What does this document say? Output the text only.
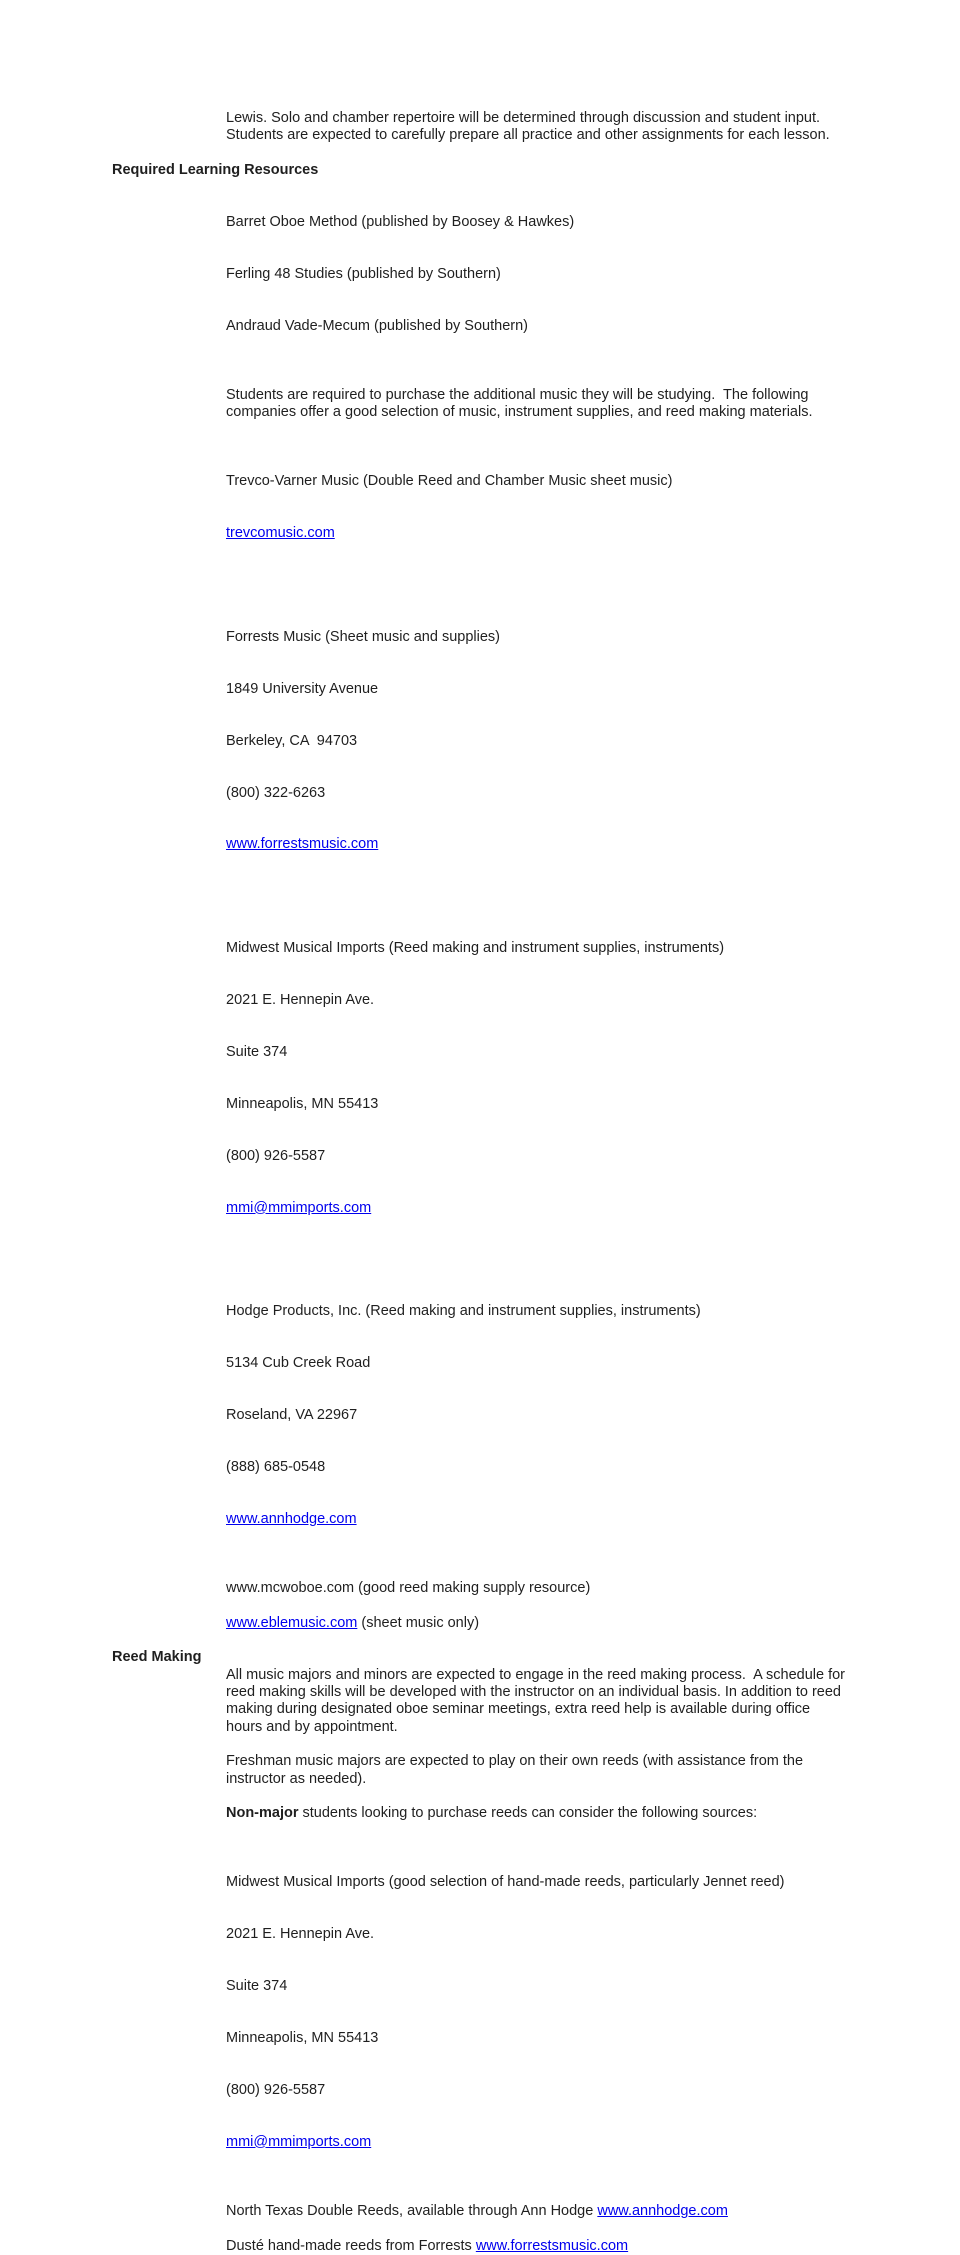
Lewis. Solo and chamber repertoire will be determined through discussion and student input. Students are expected to carefully prepare all practice and other assignments for each lesson.

Required Learning Resources

Barret Oboe Method (published by Boosey & Hawkes)

Ferling 48 Studies (published by Southern)

Andraud Vade-Mecum (published by Southern)

Students are required to purchase the additional music they will be studying.  The following companies offer a good selection of music, instrument supplies, and reed making materials.

Trevco-Varner Music (Double Reed and Chamber Music sheet music)

trevcomusic.com

Forrests Music (Sheet music and supplies)

1849 University Avenue

Berkeley, CA  94703

(800) 322-6263

www.forrestsmusic.com

Midwest Musical Imports (Reed making and instrument supplies, instruments)

2021 E. Hennepin Ave.

Suite 374

Minneapolis, MN 55413

(800) 926-5587

mmi@mmimports.com

Hodge Products, Inc. (Reed making and instrument supplies, instruments)

5134 Cub Creek Road

Roseland, VA 22967

(888) 685-0548

www.annhodge.com

www.mcwoboe.com (good reed making supply resource)
www.eblemusic.com (sheet music only)
Reed Making

All music majors and minors are expected to engage in the reed making process.  A schedule for reed making skills will be developed with the instructor on an individual basis. In addition to reed making during designated oboe seminar meetings, extra reed help is available during office hours and by appointment.

Freshman music majors are expected to play on their own reeds (with assistance from the instructor as needed).

Non-major students looking to purchase reeds can consider the following sources:

Midwest Musical Imports (good selection of hand-made reeds, particularly Jennet reed)

2021 E. Hennepin Ave.

Suite 374

Minneapolis, MN 55413

(800) 926-5587

mmi@mmimports.com

North Texas Double Reeds, available through Ann Hodge www.annhodge.com
Dusté hand-made reeds from Forrests www.forrestsmusic.com
